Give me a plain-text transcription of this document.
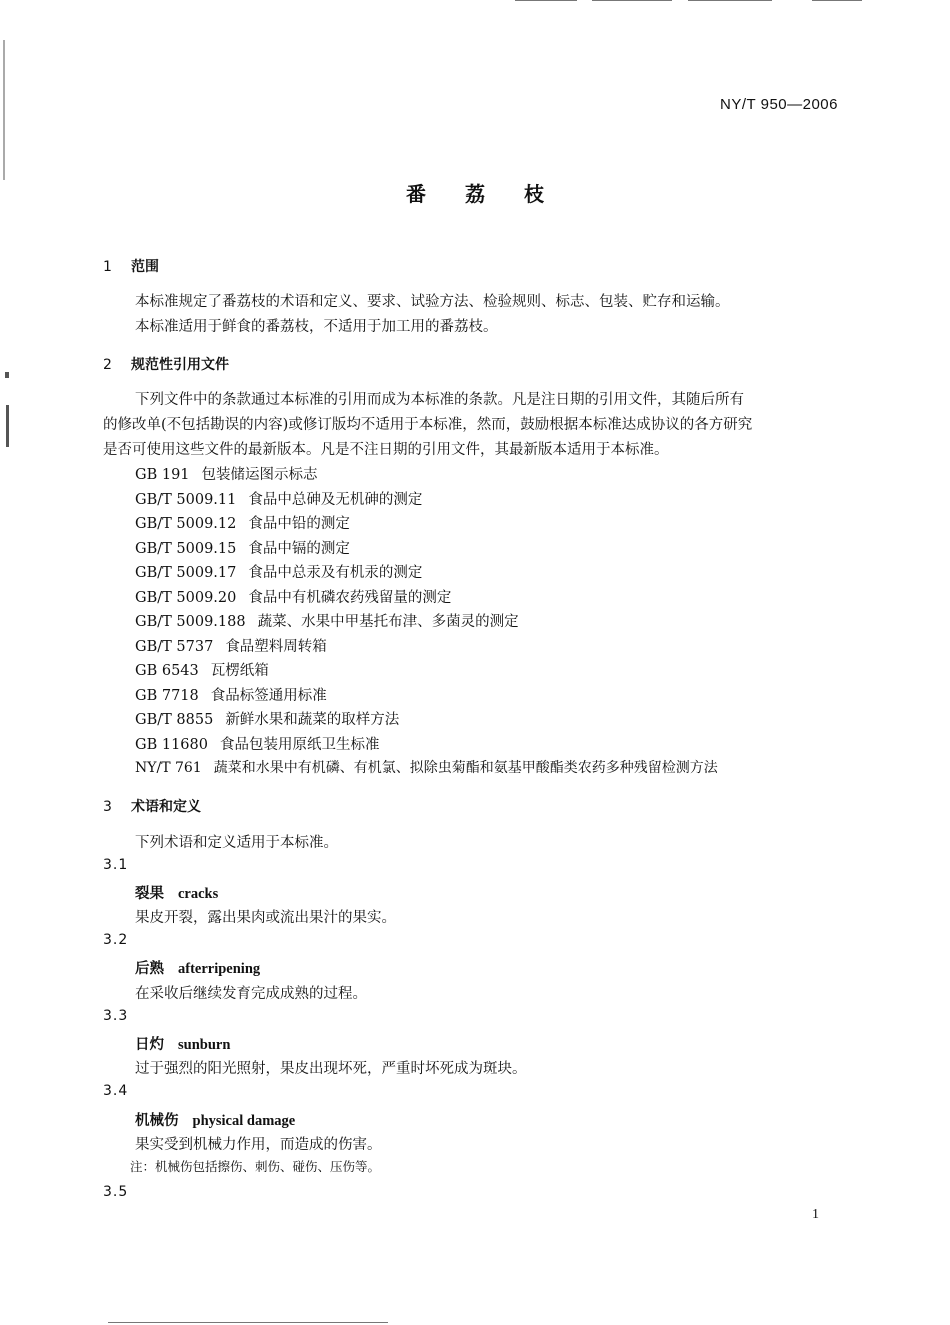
NY/T 950—2006
番 荔 枝
1 范围
本标准规定了番荔枝的术语和定义、要求、试验方法、检验规则、标志、包装、贮存和运输。
本标准适用于鲜食的番荔枝，不适用于加工用的番荔枝。
2 规范性引用文件
下列文件中的条款通过本标准的引用而成为本标准的条款。凡是注日期的引用文件，其随后所有
的修改单(不包括勘误的内容)或修订版均不适用于本标准，然而，鼓励根据本标准达成协议的各方研究
是否可使用这些文件的最新版本。凡是不注日期的引用文件，其最新版本适用于本标准。
GB 191 包装储运图示标志
GB/T 5009.11 食品中总砷及无机砷的测定
GB/T 5009.12 食品中铅的测定
GB/T 5009.15 食品中镉的测定
GB/T 5009.17 食品中总汞及有机汞的测定
GB/T 5009.20 食品中有机磷农药残留量的测定
GB/T 5009.188 蔬菜、水果中甲基托布津、多菌灵的测定
GB/T 5737 食品塑料周转箱
GB 6543 瓦楞纸箱
GB 7718 食品标签通用标准
GB/T 8855 新鲜水果和蔬菜的取样方法
GB 11680 食品包装用原纸卫生标准
NY/T 761 蔬菜和水果中有机磷、有机氯、拟除虫菊酯和氨基甲酸酯类农药多种残留检测方法
3 术语和定义
下列术语和定义适用于本标准。
3.1
裂果 cracks
果皮开裂，露出果肉或流出果汁的果实。
3.2
后熟 afterripening
在采收后继续发育完成成熟的过程。
3.3
日灼 sunburn
过于强烈的阳光照射，果皮出现坏死，严重时坏死成为斑块。
3.4
机械伤 physical damage
果实受到机械力作用，而造成的伤害。
注：机械伤包括擦伤、刺伤、碰伤、压伤等。
3.5
1
